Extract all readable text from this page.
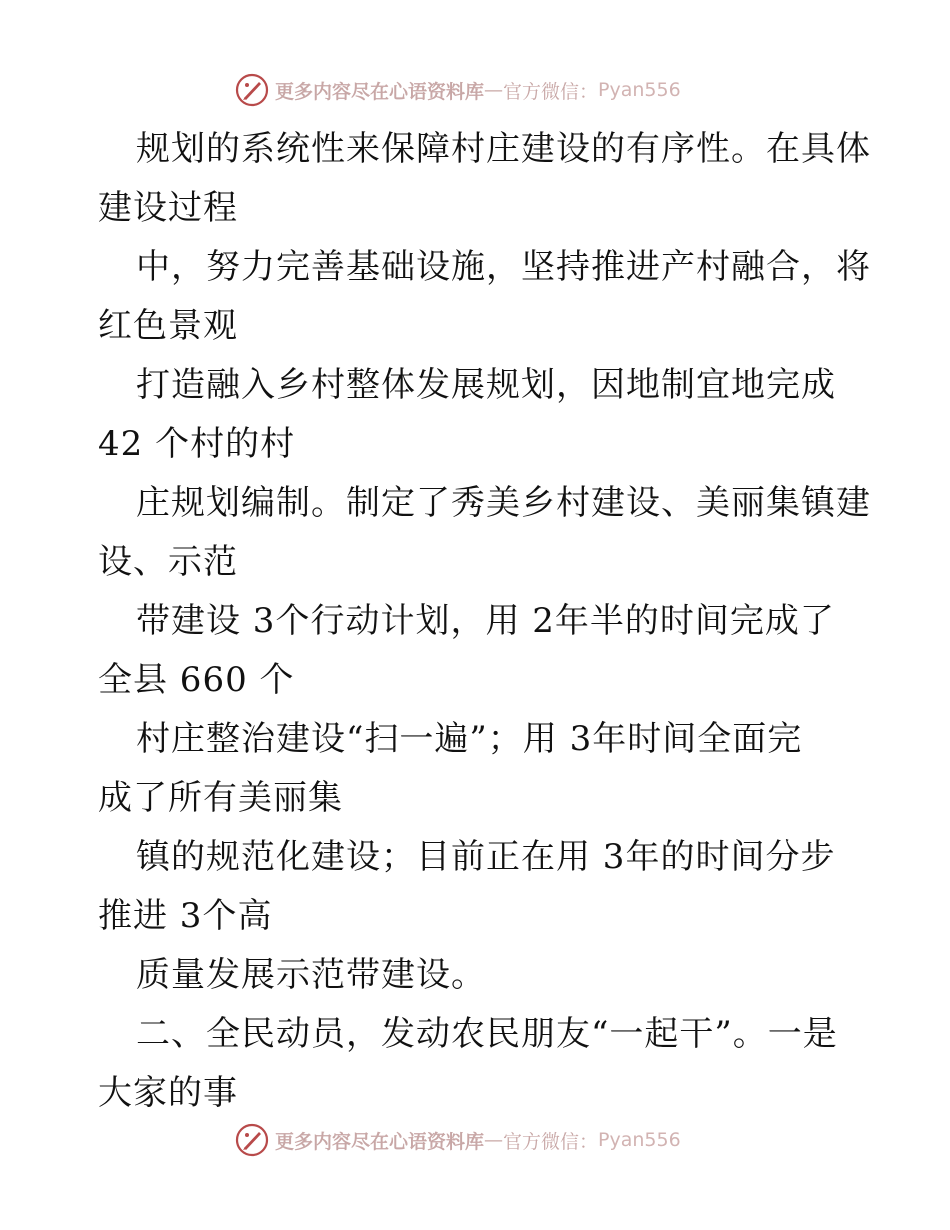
更多内容尽在心语资料库 — 官方微信： Pyan556
规划的系统性来保障村庄建设的有序性。在具体
建设过程
中，努力完善基础设施，坚持推进产村融合，将
红色景观
打造融入乡村整体发展规划，因地制宜地完成
42 个村的村
庄规划编制。制定了秀美乡村建设、美丽集镇建
设、示范
带建设 3个行动计划，用 2年半的时间完成了
全县 660 个
村庄整治建设“扫一遍”；用 3年时间全面完
成了所有美丽集
镇的规范化建设；目前正在用 3年的时间分步
推进 3个高
质量发展示范带建设。
二、全民动员，发动农民朋友“一起干”。一是
大家的事
更多内容尽在心语资料库 — 官方微信： Pyan556
